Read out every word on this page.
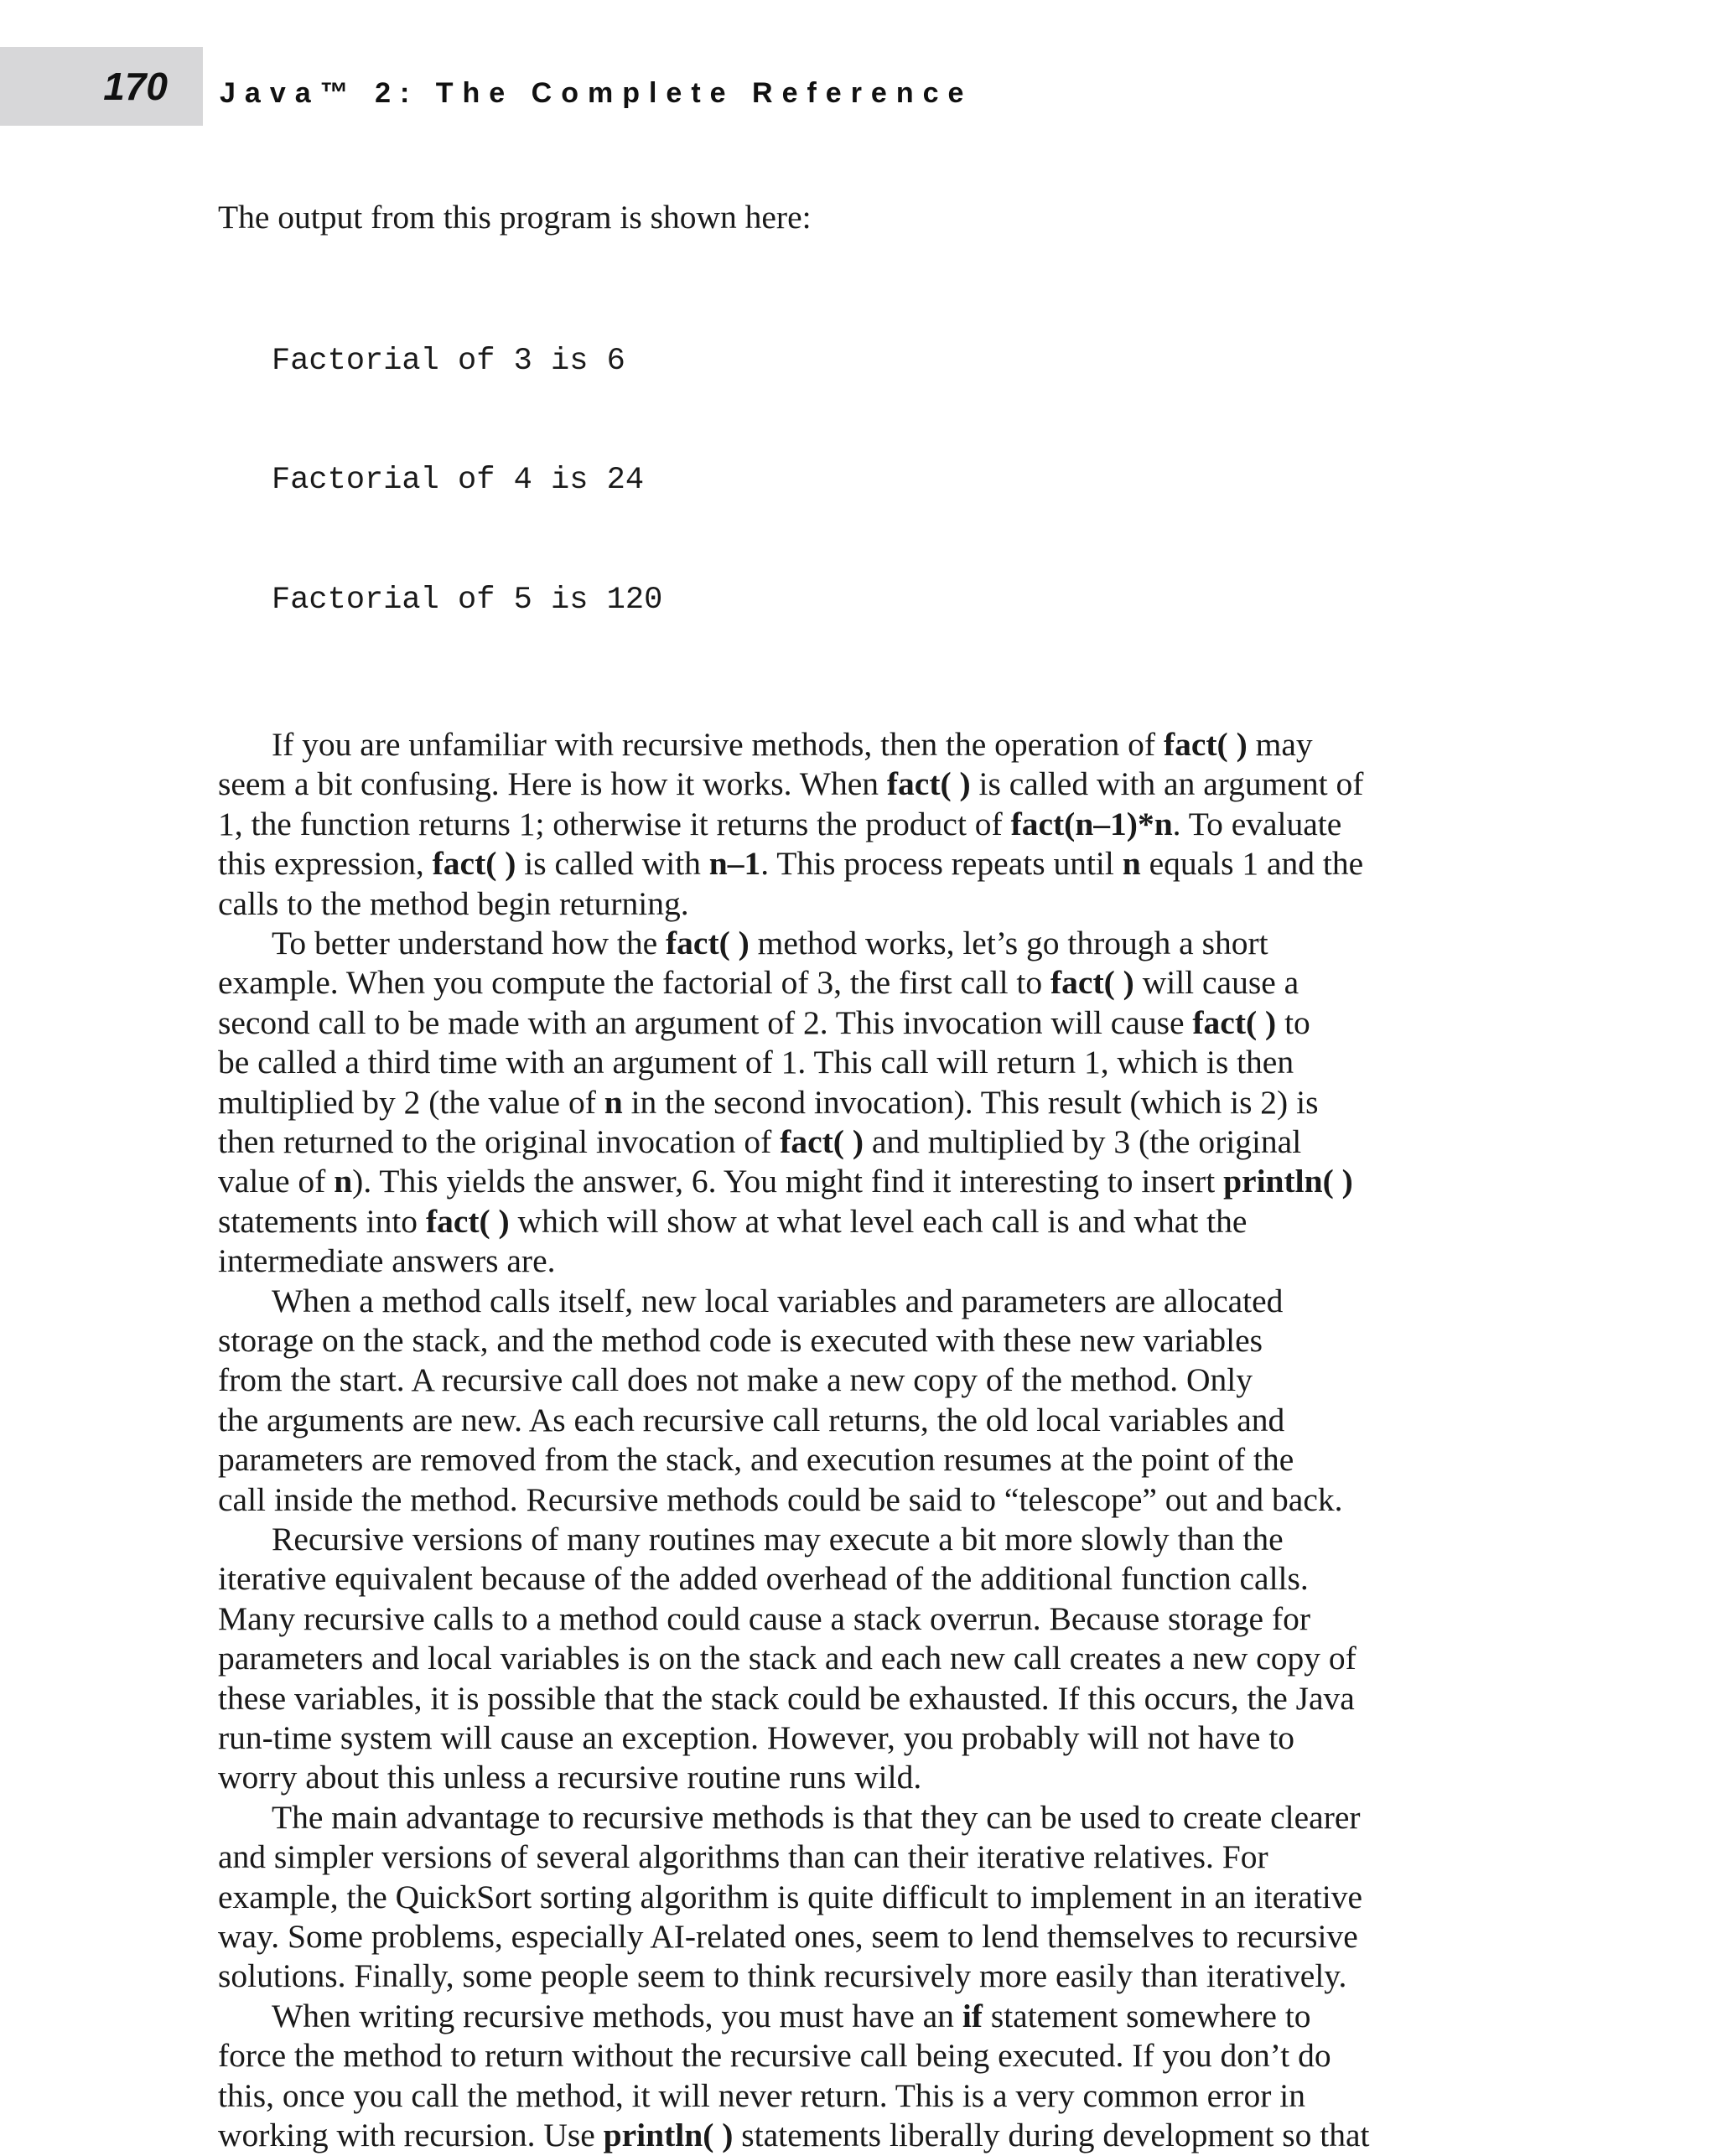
170 Java™ 2: The Complete Reference

The output from this program is shown here:

Factorial of 3 is 6

Factorial of 4 is 24

Factorial of 5 is 120

If you are unfamiliar with recursive methods, then the operation of fact( ) may
seem a bit confusing. Here is how it works. When fact( ) is called with an argument of
1, the function returns 1; otherwise it returns the product of fact(n–1)*n. To evaluate
this expression, fact( ) is called with n–1. This process repeats until n equals 1 and the
calls to the method begin returning.

To better understand how the fact( ) method works, let’s go through a short
example. When you compute the factorial of 3, the first call to fact( ) will cause a
second call to be made with an argument of 2. This invocation will cause fact( ) to
be called a third time with an argument of 1. This call will return 1, which is then
multiplied by 2 (the value of n in the second invocation). This result (which is 2) is
then returned to the original invocation of fact( ) and multiplied by 3 (the original
value of n). This yields the answer, 6. You might find it interesting to insert println( )
statements into fact( ) which will show at what level each call is and what the
intermediate answers are.

When a method calls itself, new local variables and parameters are allocated
storage on the stack, and the method code is executed with these new variables
from the start. A recursive call does not make a new copy of the method. Only
the arguments are new. As each recursive call returns, the old local variables and
parameters are removed from the stack, and execution resumes at the point of the
call inside the method. Recursive methods could be said to “telescope” out and back.

Recursive versions of many routines may execute a bit more slowly than the
iterative equivalent because of the added overhead of the additional function calls.
Many recursive calls to a method could cause a stack overrun. Because storage for
parameters and local variables is on the stack and each new call creates a new copy of
these variables, it is possible that the stack could be exhausted. If this occurs, the Java
run-time system will cause an exception. However, you probably will not have to
worry about this unless a recursive routine runs wild.

The main advantage to recursive methods is that they can be used to create clearer
and simpler versions of several algorithms than can their iterative relatives. For
example, the QuickSort sorting algorithm is quite difficult to implement in an iterative
way. Some problems, especially AI-related ones, seem to lend themselves to recursive
solutions. Finally, some people seem to think recursively more easily than iteratively.

When writing recursive methods, you must have an if statement somewhere to
force the method to return without the recursive call being executed. If you don’t do
this, once you call the method, it will never return. This is a very common error in
working with recursion. Use println( ) statements liberally during development so that
